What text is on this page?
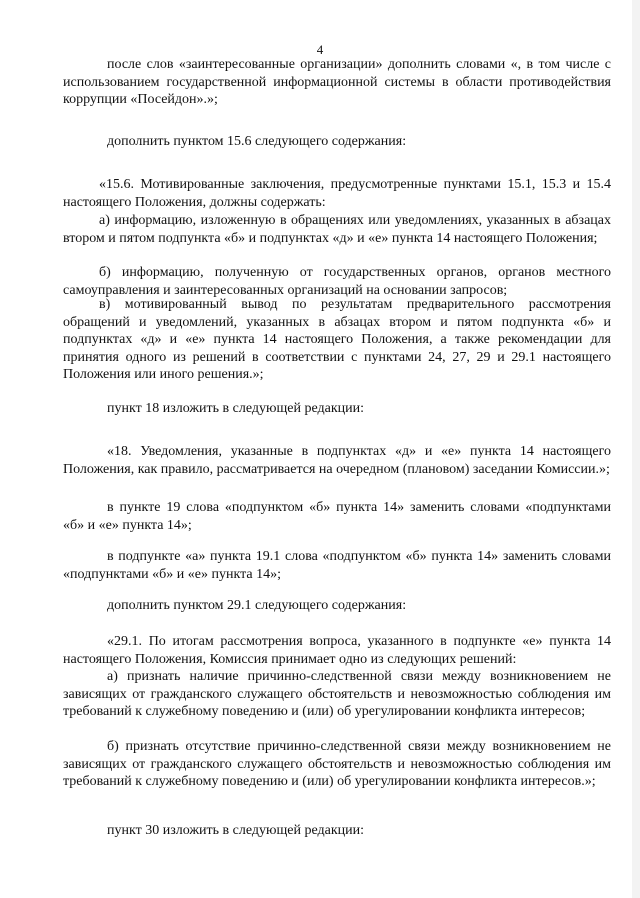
4

после слов «заинтересованные организации» дополнить словами «, в том числе с использованием государственной информационной системы в области противодействия коррупции «Посейдон».»;

дополнить пунктом 15.6 следующего содержания:

«15.6. Мотивированные заключения, предусмотренные пунктами 15.1, 15.3 и 15.4 настоящего Положения, должны содержать:

а) информацию, изложенную в обращениях или уведомлениях, указанных в абзацах втором и пятом подпункта «б» и подпунктах «д» и «е» пункта 14 настоящего Положения;

б) информацию, полученную от государственных органов, органов местного самоуправления и заинтересованных организаций на основании запросов;

в) мотивированный вывод по результатам предварительного рассмотрения обращений и уведомлений, указанных в абзацах втором и пятом подпункта «б» и подпунктах «д» и «е» пункта 14 настоящего Положения, а также рекомендации для принятия одного из решений в соответствии с пунктами 24, 27, 29 и 29.1 настоящего Положения или иного решения.»;

пункт 18 изложить в следующей редакции:

«18. Уведомления, указанные в подпунктах «д» и «е» пункта 14 настоящего Положения, как правило, рассматривается на очередном (плановом) заседании Комиссии.»;

в пункте 19 слова «подпунктом «б» пункта 14» заменить словами «подпунктами «б» и «е» пункта 14»;

в подпункте «а» пункта 19.1 слова «подпунктом «б» пункта 14» заменить словами «подпунктами «б» и «е» пункта 14»;

дополнить пунктом 29.1 следующего содержания:

«29.1. По итогам рассмотрения вопроса, указанного в подпункте «е» пункта 14 настоящего Положения, Комиссия принимает одно из следующих решений:

а) признать наличие причинно-следственной связи между возникновением не зависящих от гражданского служащего обстоятельств и невозможностью соблюдения им требований к служебному поведению и (или) об урегулировании конфликта интересов;

б) признать отсутствие причинно-следственной связи между возникновением не зависящих от гражданского служащего обстоятельств и невозможностью соблюдения им требований к служебному поведению и (или) об урегулировании конфликта интересов.»;

пункт 30 изложить в следующей редакции:
